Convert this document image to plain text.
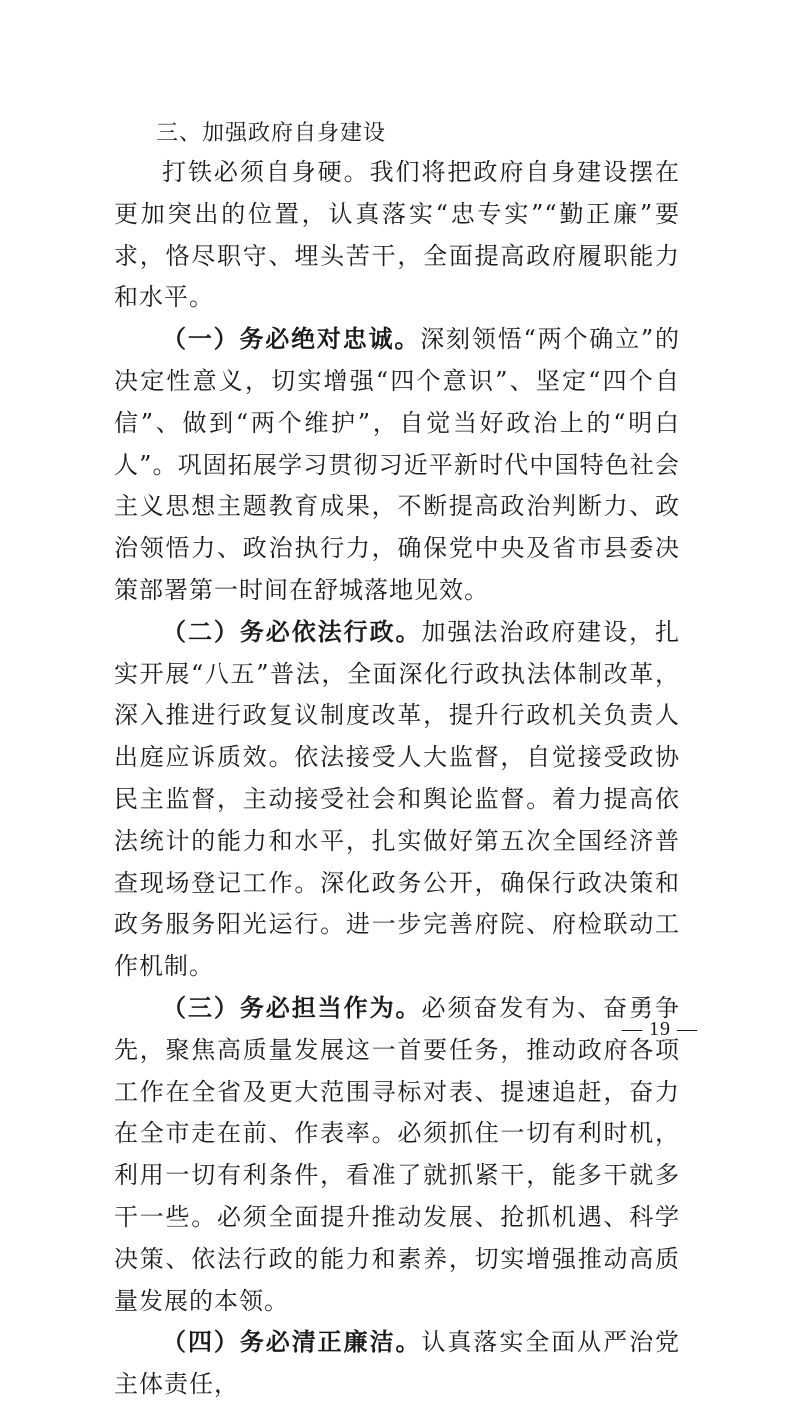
三、加强政府自身建设

打铁必须自身硬。我们将把政府自身建设摆在更加突出的位置，认真落实“忠专实”“勤正廉”要求，恪尽职守、埋头苦干，全面提高政府履职能力和水平。

（一）务必绝对忠诚。深刻领悟“两个确立”的决定性意义，切实增强“四个意识”、坚定“四个自信”、做到“两个维护”，自觉当好政治上的“明白人”。巩固拓展学习贯彻习近平新时代中国特色社会主义思想主题教育成果，不断提高政治判断力、政治领悟力、政治执行力，确保党中央及省市县委决策部署第一时间在舒城落地见效。

（二）务必依法行政。加强法治政府建设，扎实开展“八五”普法，全面深化行政执法体制改革，深入推进行政复议制度改革，提升行政机关负责人出庭应诉质效。依法接受人大监督，自觉接受政协民主监督，主动接受社会和舆论监督。着力提高依法统计的能力和水平，扎实做好第五次全国经济普查现场登记工作。深化政务公开，确保行政决策和政务服务阳光运行。进一步完善府院、府检联动工作机制。

（三）务必担当作为。必须奋发有为、奋勇争先，聚焦高质量发展这一首要任务，推动政府各项工作在全省及更大范围寻标对表、提速追赶，奋力在全市走在前、作表率。必须抓住一切有利时机，利用一切有利条件，看准了就抓紧干，能多干就多干一些。必须全面提升推动发展、抢抓机遇、科学决策、依法行政的能力和素养，切实增强推动高质量发展的本领。

（四）务必清正廉洁。认真落实全面从严治党主体责任，

— 19 —
